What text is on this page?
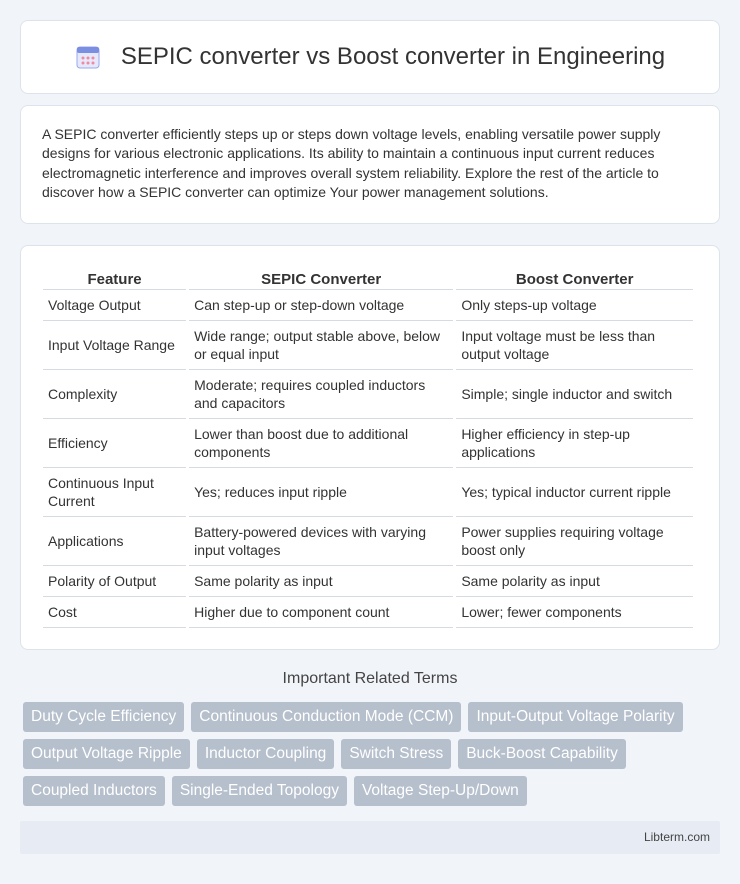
SEPIC converter vs Boost converter in Engineering

A SEPIC converter efficiently steps up or steps down voltage levels, enabling versatile power supply designs for various electronic applications. Its ability to maintain a continuous input current reduces electromagnetic interference and improves overall system reliability. Explore the rest of the article to discover how a SEPIC converter can optimize Your power management solutions.

Feature	SEPIC Converter	Boost Converter
Voltage Output	Can step-up or step-down voltage	Only steps-up voltage
Input Voltage Range	Wide range; output stable above, below or equal input	Input voltage must be less than output voltage
Complexity	Moderate; requires coupled inductors and capacitors	Simple; single inductor and switch
Efficiency	Lower than boost due to additional components	Higher efficiency in step-up applications
Continuous Input Current	Yes; reduces input ripple	Yes; typical inductor current ripple
Applications	Battery-powered devices with varying input voltages	Power supplies requiring voltage boost only
Polarity of Output	Same polarity as input	Same polarity as input
Cost	Higher due to component count	Lower; fewer components
Important Related Terms
Duty Cycle Efficiency	Continuous Conduction Mode (CCM)	Input-Output Voltage Polarity
Output Voltage Ripple	Inductor Coupling	Switch Stress	Buck-Boost Capability
Coupled Inductors	Single-Ended Topology	Voltage Step-Up/Down
Libterm.com
